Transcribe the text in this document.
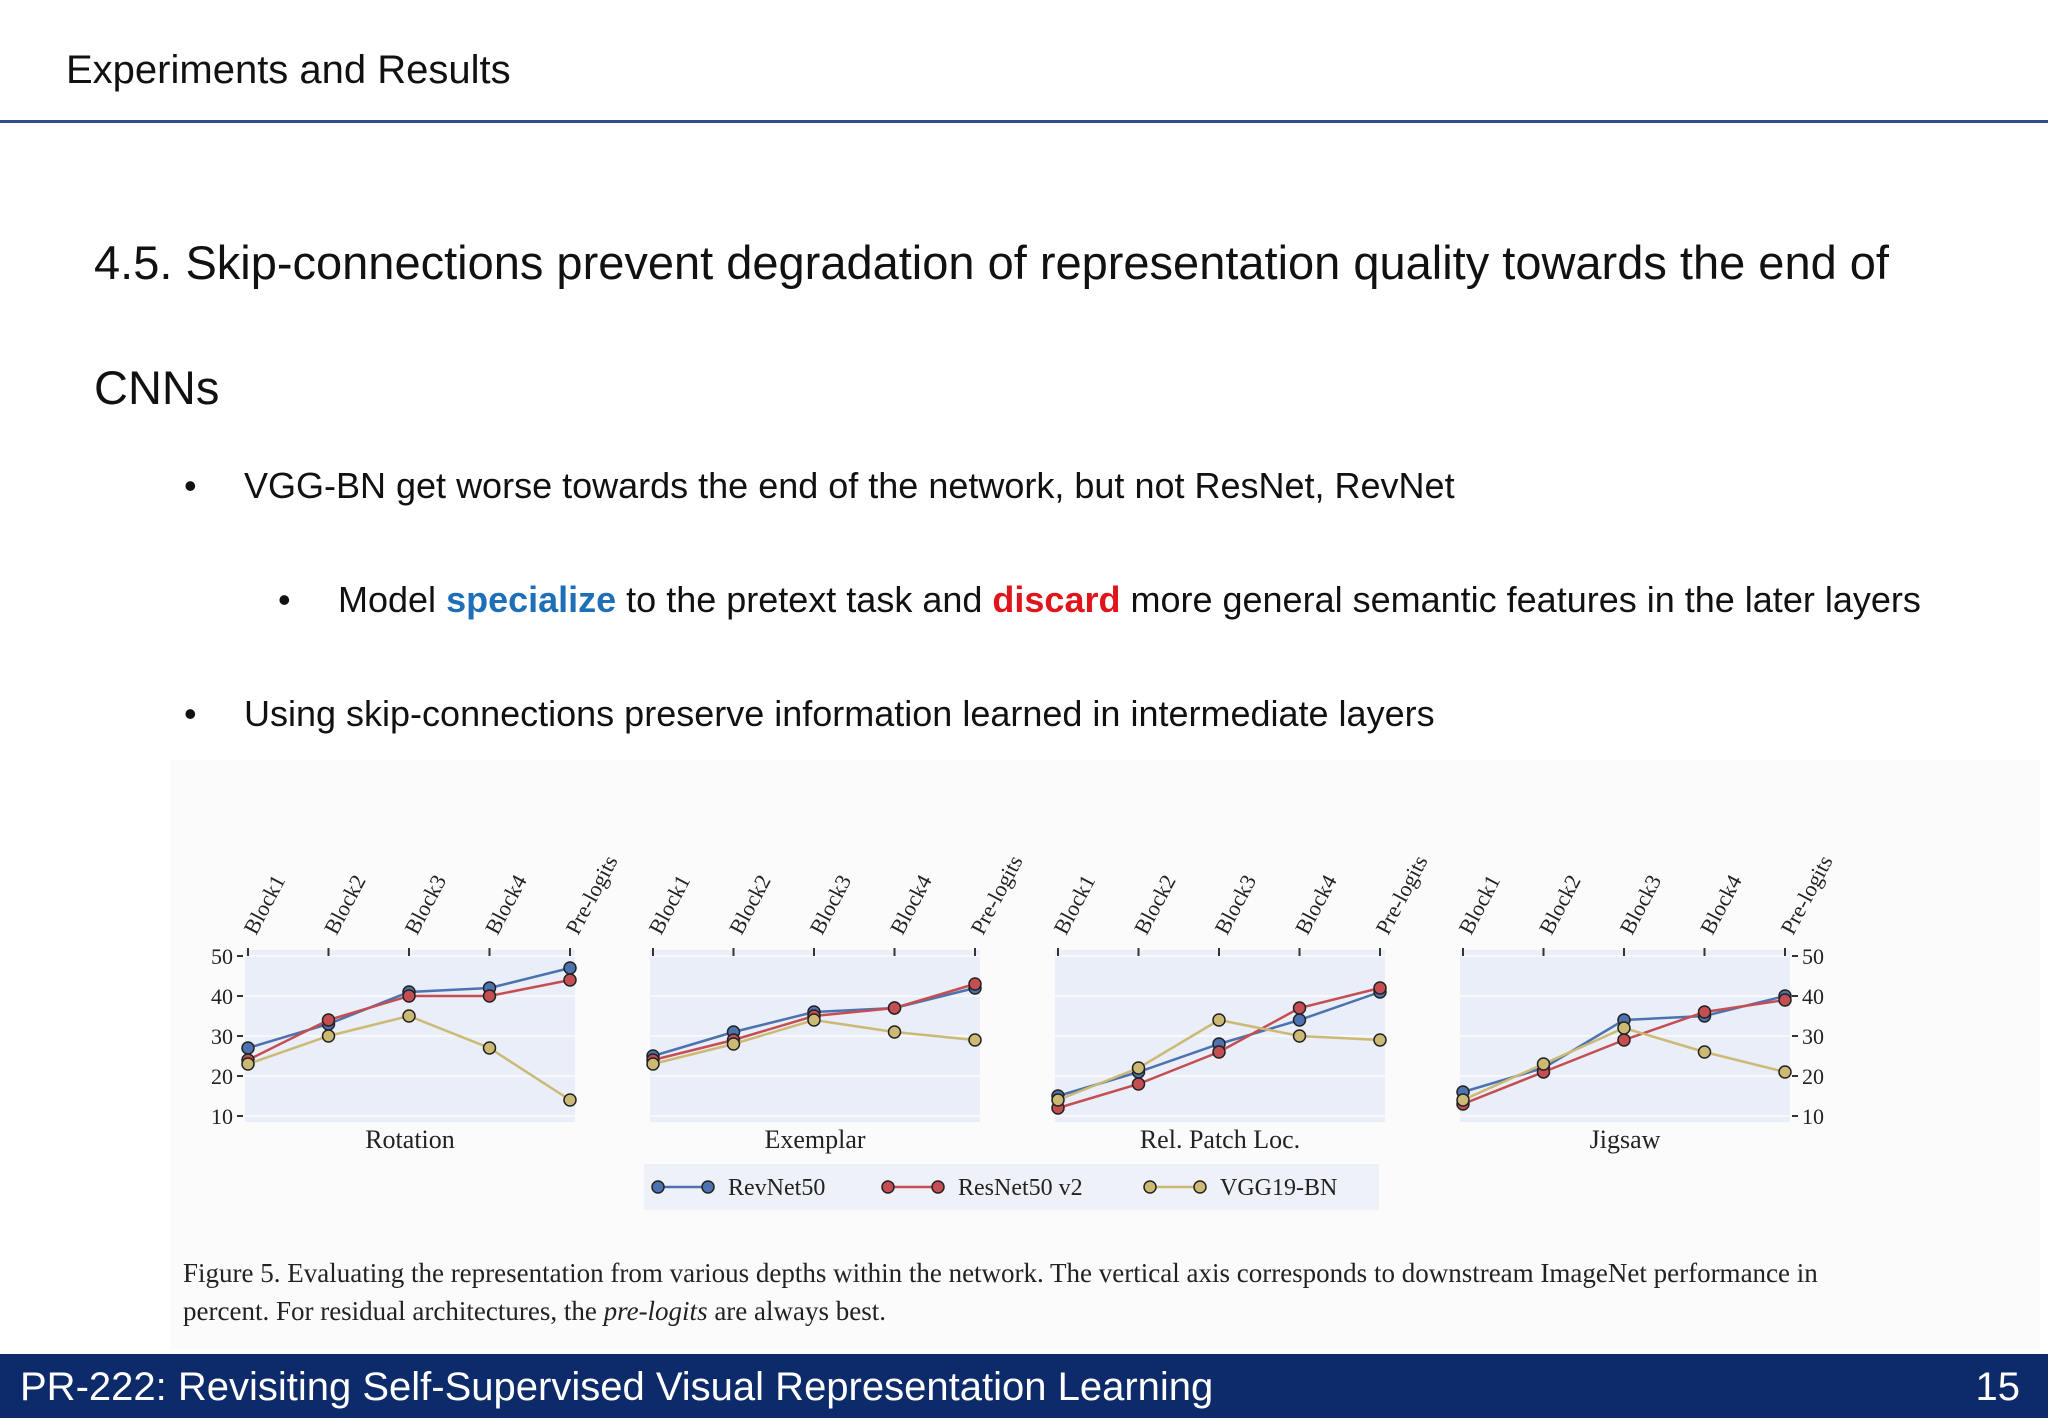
Experiments and Results
4.5. Skip-connections prevent degradation of representation quality towards the end of CNNs
• VGG-BN get worse towards the end of the network, but not ResNet, RevNet
• Model specialize to the pretext task and discard more general semantic features in the later layers
• Using skip-connections preserve information learned in intermediate layers
Block1 Block2 Block3 Block4 Pre-logits
10
20
30
40
50
Rotation
Block1 Block2 Block3 Block4 Pre-logits
Exemplar
Block1 Block2 Block3 Block4 Pre-logits
Rel. Patch Loc.
Block1 Block2 Block3 Block4 Pre-logits
10
20
30
40
50
Jigsaw
RevNet50	ResNet50 v2	VGG19-BN
Figure 5. Evaluating the representation from various depths within the network. The vertical axis corresponds to downstream ImageNet performance in percent. For residual architectures, the pre-logits are always best.
PR-222: Revisiting Self-Supervised Visual Representation Learning	15
